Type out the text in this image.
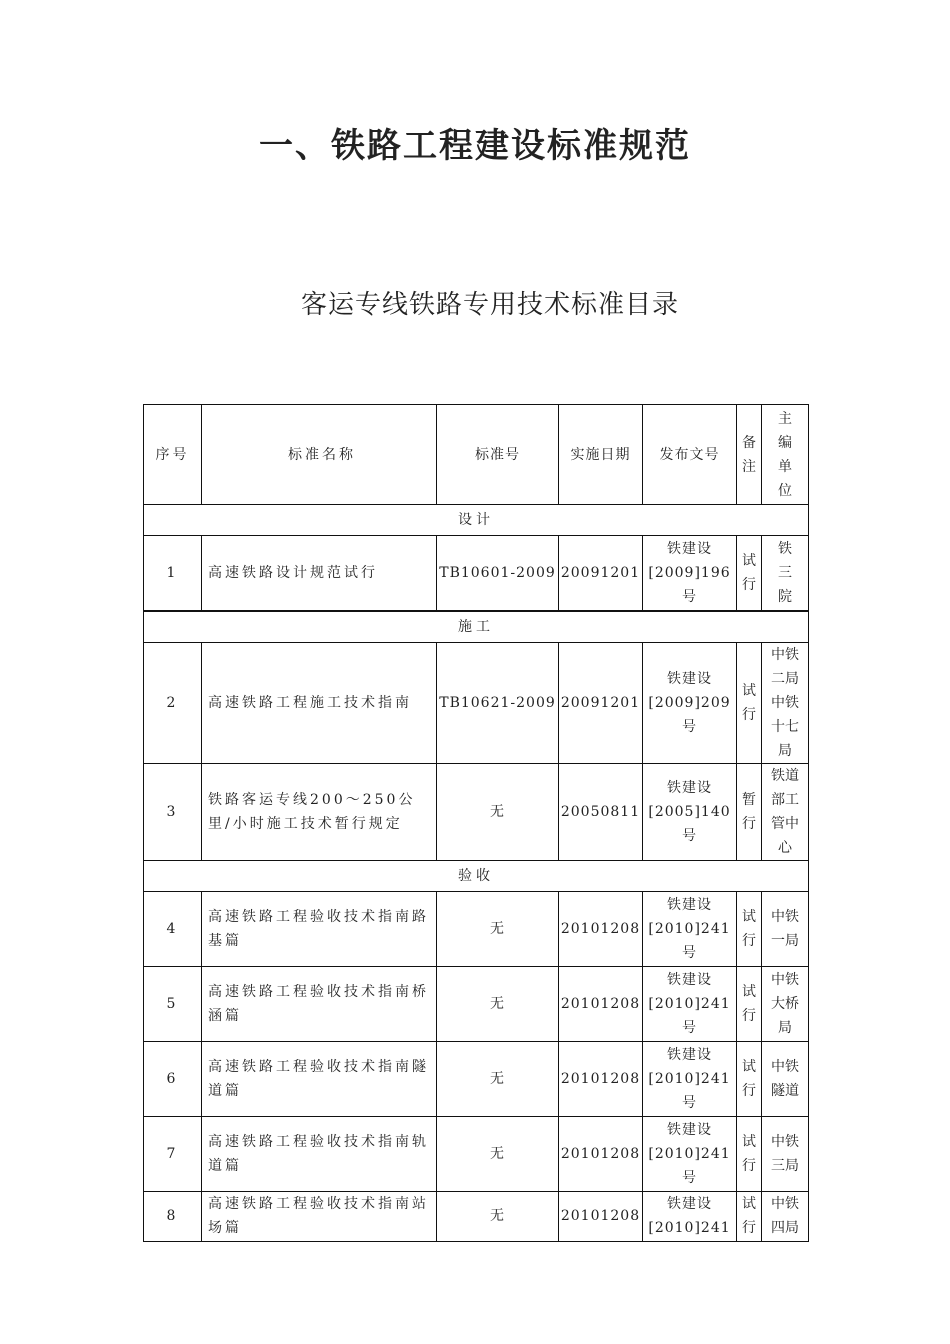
一、铁路工程建设标准规范
客运专线铁路专用技术标准目录
序号	标准名称	标准号	实施日期	发布文号	备注	主编单位
设计						
1	高速铁路设计规范试行	TB10601-2009	20091201	铁建设[2009]196号	试行	铁三院
施工						
2	高速铁路工程施工技术指南	TB10621-2009	20091201	铁建设[2009]209号	试行	中铁二局中铁十七局
3	铁路客运专线200～250公里/小时施工技术暂行规定	无	20050811	铁建设[2005]140号	暂行	铁道部工管中心
验收						
4	高速铁路工程验收技术指南路基篇	无	20101208	铁建设[2010]241号	试行	中铁一局
5	高速铁路工程验收技术指南桥涵篇	无	20101208	铁建设[2010]241号	试行	中铁大桥局
6	高速铁路工程验收技术指南隧道篇	无	20101208	铁建设[2010]241号	试行	中铁隧道
7	高速铁路工程验收技术指南轨道篇	无	20101208	铁建设[2010]241号	试行	中铁三局
8	高速铁路工程验收技术指南站场篇	无	20101208	铁建设[2010]241	试行	中铁四局
